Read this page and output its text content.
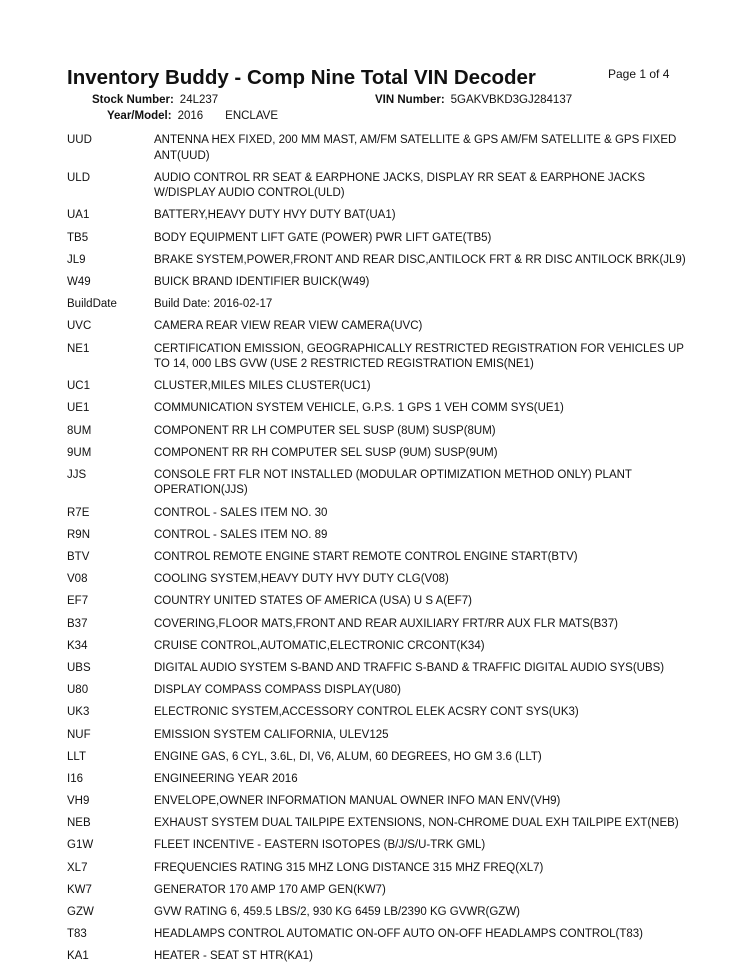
Inventory Buddy - Comp Nine Total VIN Decoder	Page 1 of 4
Stock Number: 24L237	VIN Number: 5GAKVBKD3GJ284137
Year/Model: 2016 ENCLAVE
UUD	ANTENNA HEX FIXED, 200 MM MAST, AM/FM SATELLITE & GPS AM/FM SATELLITE & GPS FIXED ANT(UUD)
ULD	AUDIO CONTROL RR SEAT & EARPHONE JACKS, DISPLAY RR SEAT & EARPHONE JACKS W/DISPLAY AUDIO CONTROL(ULD)
UA1	BATTERY,HEAVY DUTY HVY DUTY BAT(UA1)
TB5	BODY EQUIPMENT LIFT GATE (POWER) PWR LIFT GATE(TB5)
JL9	BRAKE SYSTEM,POWER,FRONT AND REAR DISC,ANTILOCK FRT & RR DISC ANTILOCK BRK(JL9)
W49	BUICK BRAND IDENTIFIER BUICK(W49)
BuildDate	Build Date: 2016-02-17
UVC	CAMERA REAR VIEW REAR VIEW CAMERA(UVC)
NE1	CERTIFICATION EMISSION, GEOGRAPHICALLY RESTRICTED REGISTRATION FOR VEHICLES UP TO 14, 000 LBS GVW (USE 2 RESTRICTED REGISTRATION EMIS(NE1)
UC1	CLUSTER,MILES MILES CLUSTER(UC1)
UE1	COMMUNICATION SYSTEM VEHICLE, G.P.S. 1 GPS 1 VEH COMM SYS(UE1)
8UM	COMPONENT RR LH COMPUTER SEL SUSP (8UM) SUSP(8UM)
9UM	COMPONENT RR RH COMPUTER SEL SUSP (9UM) SUSP(9UM)
JJS	CONSOLE FRT FLR NOT INSTALLED (MODULAR OPTIMIZATION METHOD ONLY) PLANT OPERATION(JJS)
R7E	CONTROL - SALES ITEM NO. 30
R9N	CONTROL - SALES ITEM NO. 89
BTV	CONTROL REMOTE ENGINE START REMOTE CONTROL ENGINE START(BTV)
V08	COOLING SYSTEM,HEAVY DUTY HVY DUTY CLG(V08)
EF7	COUNTRY UNITED STATES OF AMERICA (USA) U S A(EF7)
B37	COVERING,FLOOR MATS,FRONT AND REAR AUXILIARY FRT/RR AUX FLR MATS(B37)
K34	CRUISE CONTROL,AUTOMATIC,ELECTRONIC CRCONT(K34)
UBS	DIGITAL AUDIO SYSTEM S-BAND AND TRAFFIC S-BAND & TRAFFIC DIGITAL AUDIO SYS(UBS)
U80	DISPLAY COMPASS COMPASS DISPLAY(U80)
UK3	ELECTRONIC SYSTEM,ACCESSORY CONTROL ELEK ACSRY CONT SYS(UK3)
NUF	EMISSION SYSTEM CALIFORNIA, ULEV125
LLT	ENGINE GAS, 6 CYL, 3.6L, DI, V6, ALUM, 60 DEGREES, HO GM 3.6 (LLT)
I16	ENGINEERING YEAR 2016
VH9	ENVELOPE,OWNER INFORMATION MANUAL OWNER INFO MAN ENV(VH9)
NEB	EXHAUST SYSTEM DUAL TAILPIPE EXTENSIONS, NON-CHROME DUAL EXH TAILPIPE EXT(NEB)
G1W	FLEET INCENTIVE - EASTERN ISOTOPES (B/J/S/U-TRK GML)
XL7	FREQUENCIES RATING 315 MHZ LONG DISTANCE 315 MHZ FREQ(XL7)
KW7	GENERATOR 170 AMP 170 AMP GEN(KW7)
GZW	GVW RATING 6, 459.5 LBS/2, 930 KG 6459 LB/2390 KG GVWR(GZW)
T83	HEADLAMPS CONTROL AUTOMATIC ON-OFF AUTO ON-OFF HEADLAMPS CONTROL(T83)
KA1	HEATER - SEAT ST HTR(KA1)
